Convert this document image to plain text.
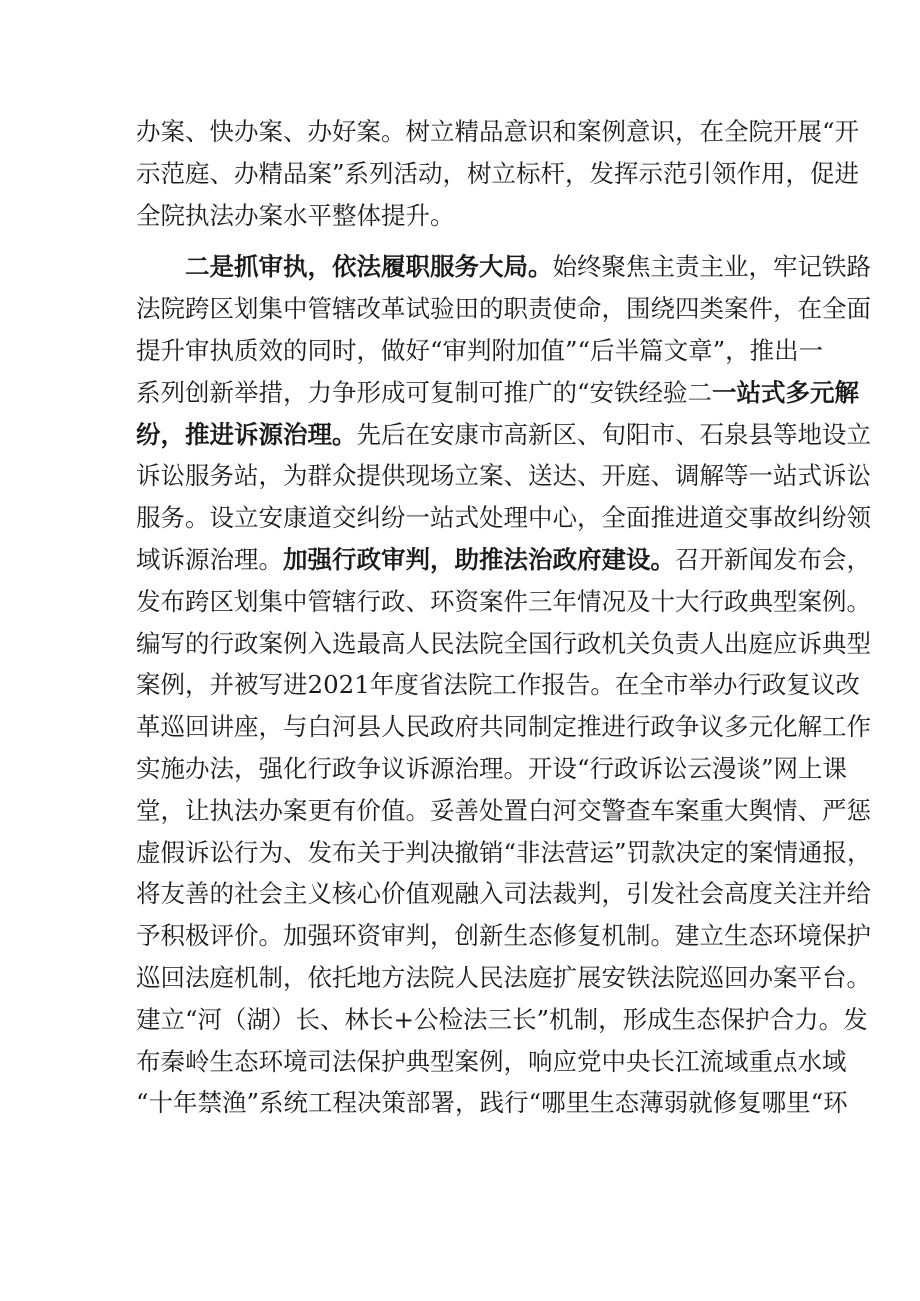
办案、快办案、办好案。树立精品意识和案例意识，在全院开展“开
示范庭、办精品案”系列活动，树立标杆，发挥示范引领作用，促进
全院执法办案水平整体提升。
二是抓审执，依法履职服务大局。始终聚焦主责主业，牢记铁路
法院跨区划集中管辖改革试验田的职责使命，围绕四类案件，在全面
提升审执质效的同时，做好“审判附加值”“后半篇文章”，推出一
系列创新举措，力争形成可复制可推广的“安铁经验二一站式多元解
纷，推进诉源治理。先后在安康市高新区、旬阳市、石泉县等地设立
诉讼服务站，为群众提供现场立案、送达、开庭、调解等一站式诉讼
服务。设立安康道交纠纷一站式处理中心，全面推进道交事故纠纷领
域诉源治理。加强行政审判，助推法治政府建设。召开新闻发布会，
发布跨区划集中管辖行政、环资案件三年情况及十大行政典型案例。
编写的行政案例入选最高人民法院全国行政机关负责人出庭应诉典型
案例，并被写进2021年度省法院工作报告。在全市举办行政复议改
革巡回讲座，与白河县人民政府共同制定推进行政争议多元化解工作
实施办法，强化行政争议诉源治理。开设“行政诉讼云漫谈”网上课
堂，让执法办案更有价值。妥善处置白河交警查车案重大舆情、严惩
虚假诉讼行为、发布关于判决撤销“非法营运”罚款决定的案情通报，
将友善的社会主义核心价值观融入司法裁判，引发社会高度关注并给
予积极评价。加强环资审判，创新生态修复机制。建立生态环境保护
巡回法庭机制，依托地方法院人民法庭扩展安铁法院巡回办案平台。
建立“河（湖）长、林长+公检法三长”机制，形成生态保护合力。发
布秦岭生态环境司法保护典型案例，响应党中央长江流域重点水域
“十年禁渔”系统工程决策部署，践行“哪里生态薄弱就修复哪里“环
